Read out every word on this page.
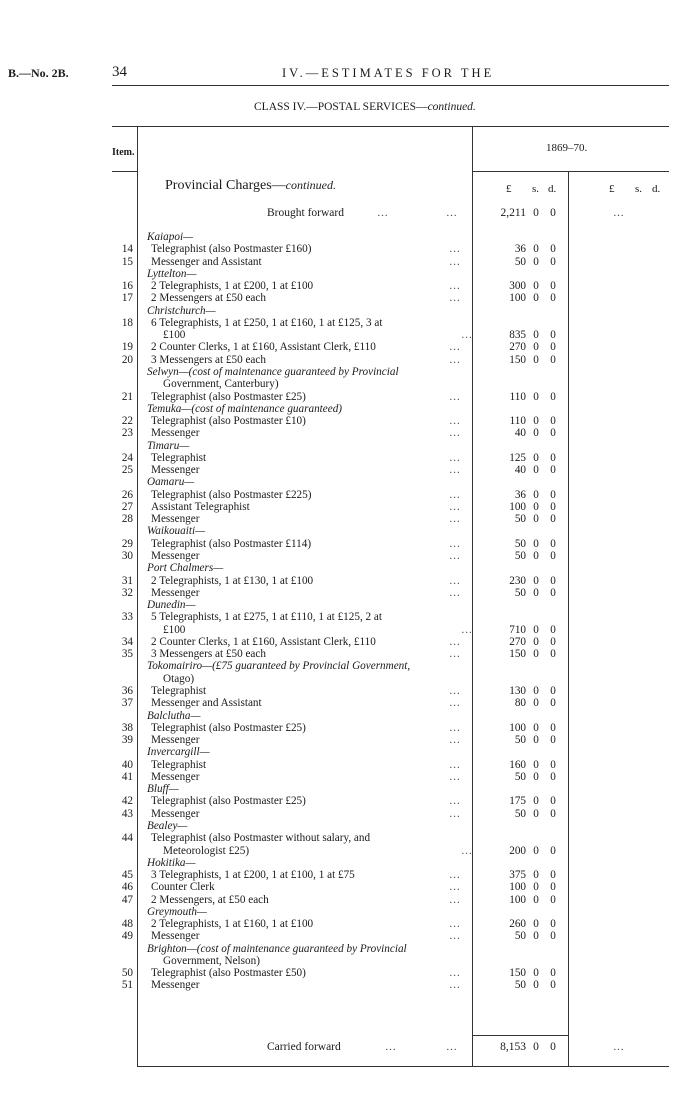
B.—No. 2B.	34	IV.—ESTIMATES FOR THE
CLASS IV.—POSTAL SERVICES—continued.
Item.	1869–70.
Provincial Charges—continued.	£ s. d.	£ s. d.
Brought forward	…	…	2,211 0 0	…
Kaiapoi—
14 Telegraphist (also Postmaster £160)	…	36 0 0
15 Messenger and Assistant	…	50 0 0
Lyttelton—
16 2 Telegraphists, 1 at £200, 1 at £100	…	300 0 0
17 2 Messengers at £50 each	…	100 0 0
Christchurch—
18 6 Telegraphists, 1 at £250, 1 at £160, 1 at £125, 3 at
£100	…	835 0 0
19 2 Counter Clerks, 1 at £160, Assistant Clerk, £110	…	270 0 0
20 3 Messengers at £50 each	…	150 0 0
Selwyn—(cost of maintenance guaranteed by Provincial
Government, Canterbury)
21 Telegraphist (also Postmaster £25)	…	110 0 0
Temuka—(cost of maintenance guaranteed)
22 Telegraphist (also Postmaster £10)	…	110 0 0
23 Messenger	…	40 0 0
Timaru—
24 Telegraphist	…	125 0 0
25 Messenger	…	40 0 0
Oamaru—
26 Telegraphist (also Postmaster £225)	…	36 0 0
27 Assistant Telegraphist	…	100 0 0
28 Messenger	…	50 0 0
Waikouaiti—
29 Telegraphist (also Postmaster £114)	…	50 0 0
30 Messenger	…	50 0 0
Port Chalmers—
31 2 Telegraphists, 1 at £130, 1 at £100	…	230 0 0
32 Messenger	…	50 0 0
Dunedin—
33 5 Telegraphists, 1 at £275, 1 at £110, 1 at £125, 2 at
£100	…	710 0 0
34 2 Counter Clerks, 1 at £160, Assistant Clerk, £110	…	270 0 0
35 3 Messengers at £50 each	…	150 0 0
Tokomairiro—(£75 guaranteed by Provincial Government,
Otago)
36 Telegraphist	…	130 0 0
37 Messenger and Assistant	…	80 0 0
Balclutha—
38 Telegraphist (also Postmaster £25)	…	100 0 0
39 Messenger	…	50 0 0
Invercargill—
40 Telegraphist	…	160 0 0
41 Messenger	…	50 0 0
Bluff—
42 Telegraphist (also Postmaster £25)	…	175 0 0
43 Messenger	…	50 0 0
Bealey—
44 Telegraphist (also Postmaster without salary, and
Meteorologist £25)	…	200 0 0
Hokitika—
45 3 Telegraphists, 1 at £200, 1 at £100, 1 at £75	…	375 0 0
46 Counter Clerk	…	100 0 0
47 2 Messengers, at £50 each	…	100 0 0
Greymouth—
48 2 Telegraphists, 1 at £160, 1 at £100	…	260 0 0
49 Messenger	…	50 0 0
Brighton—(cost of maintenance guaranteed by Provincial
Government, Nelson)
50 Telegraphist (also Postmaster £50)	…	150 0 0
51 Messenger	…	50 0 0
Carried forward	…	…	8,153 0 0	…
